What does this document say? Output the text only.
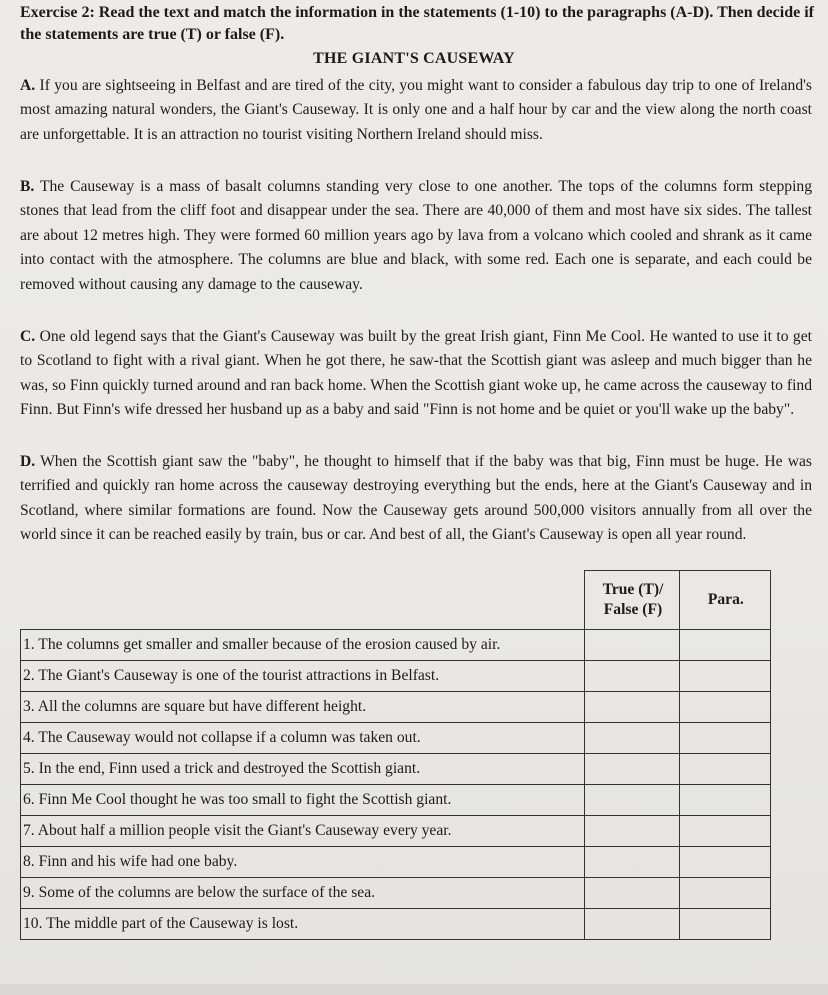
Exercise 2: Read the text and match the information in the statements (1-10) to the paragraphs (A-D). Then decide if the statements are true (T) or false (F).
THE GIANT'S CAUSEWAY
A. If you are sightseeing in Belfast and are tired of the city, you might want to consider a fabulous day trip to one of Ireland's most amazing natural wonders, the Giant's Causeway. It is only one and a half hour by car and the view along the north coast are unforgettable. It is an attraction no tourist visiting Northern Ireland should miss.
B. The Causeway is a mass of basalt columns standing very close to one another. The tops of the columns form stepping stones that lead from the cliff foot and disappear under the sea. There are 40,000 of them and most have six sides. The tallest are about 12 metres high. They were formed 60 million years ago by lava from a volcano which cooled and shrank as it came into contact with the atmosphere. The columns are blue and black, with some red. Each one is separate, and each could be removed without causing any damage to the causeway.
C. One old legend says that the Giant's Causeway was built by the great Irish giant, Finn Me Cool. He wanted to use it to get to Scotland to fight with a rival giant. When he got there, he saw-that the Scottish giant was asleep and much bigger than he was, so Finn quickly turned around and ran back home. When the Scottish giant woke up, he came across the causeway to find Finn. But Finn's wife dressed her husband up as a baby and said "Finn is not home and be quiet or you'll wake up the baby".
D. When the Scottish giant saw the "baby", he thought to himself that if the baby was that big, Finn must be huge. He was terrified and quickly ran home across the causeway destroying everything but the ends, here at the Giant's Causeway and in Scotland, where similar formations are found. Now the Causeway gets around 500,000 visitors annually from all over the world since it can be reached easily by train, bus or car. And best of all, the Giant's Causeway is open all year round.
	True (T)/
False (F)	Para.
1. The columns get smaller and smaller because of the erosion caused by air.		
2. The Giant's Causeway is one of the tourist attractions in Belfast.		
3. All the columns are square but have different height.		
4. The Causeway would not collapse if a column was taken out.		
5. In the end, Finn used a trick and destroyed the Scottish giant.		
6. Finn Me Cool thought he was too small to fight the Scottish giant.		
7. About half a million people visit the Giant's Causeway every year.		
8. Finn and his wife had one baby.		
9. Some of the columns are below the surface of the sea.		
10. The middle part of the Causeway is lost.		
